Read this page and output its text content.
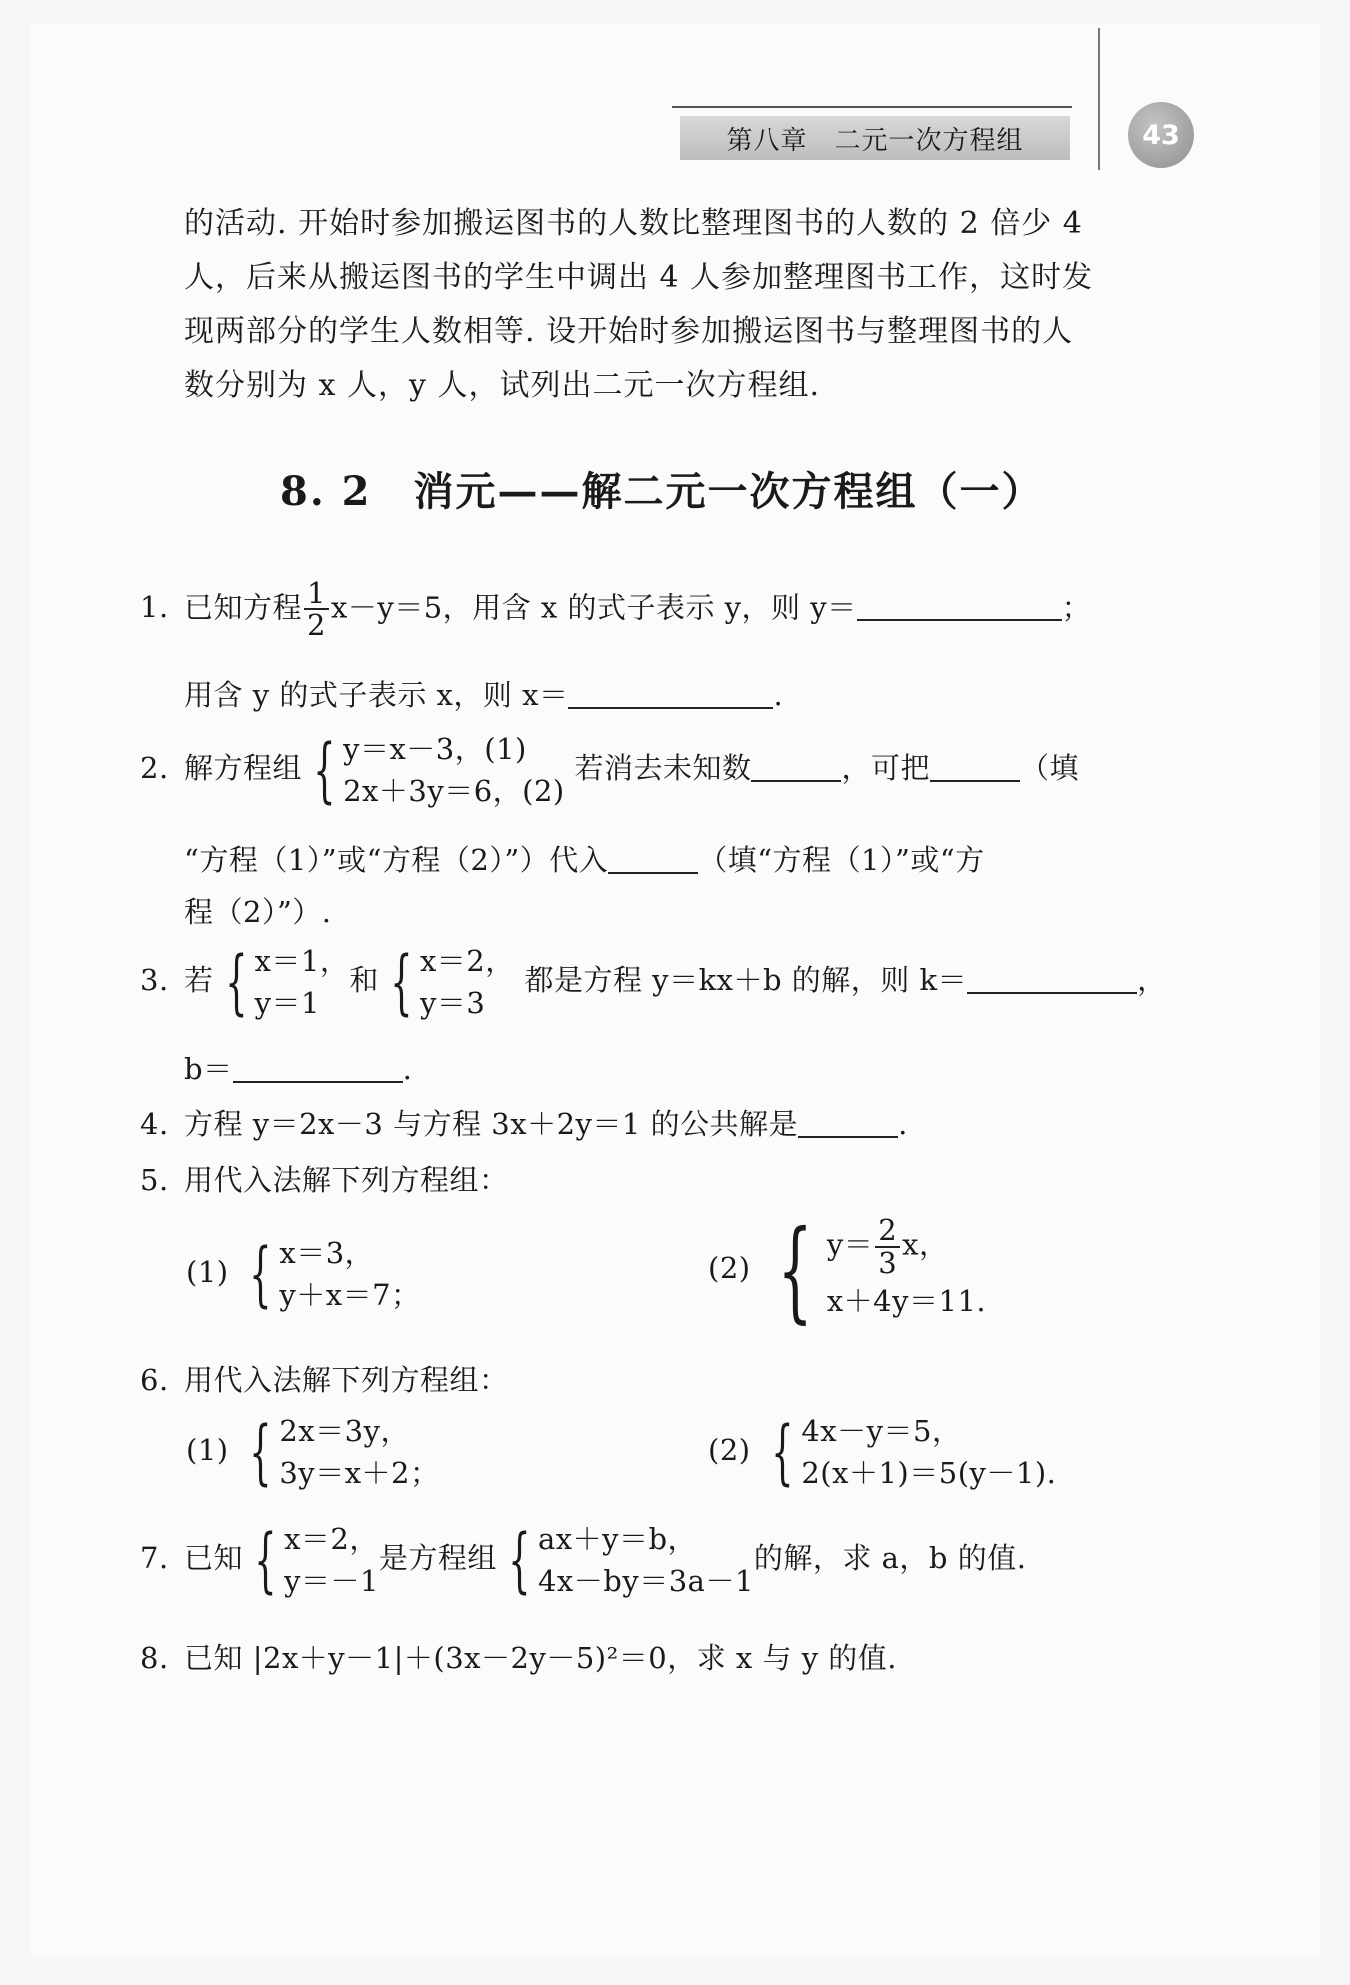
第八章　二元一次方程组	43
的活动. 开始时参加搬运图书的人数比整理图书的人数的 2 倍少 4
人，后来从搬运图书的学生中调出 4 人参加整理图书工作，这时发
现两部分的学生人数相等. 设开始时参加搬运图书与整理图书的人
数分别为 x 人，y 人，试列出二元一次方程组.
8. 2　消元——解二元一次方程组（一）
1. 已知方程 $\frac{1}{2} x-y=5$，用含 x 的式子表示 y，则 y＝	；
用含 y 的式子表示 x，则 x＝	.
2. 解方程组 { y＝x－3，(1)
2x＋3y＝6，(2)
若消去未知数	，可把	（填
“方程（1）”或“方程（2）”）代入	（填“方程（1）”或“方
程（2）”）.
3. 若 { x＝1，
y＝1
和 { x＝2，
y＝3
都是方程 y＝kx＋b 的解，则 k＝	，
b＝	.
4. 方程 y＝2x－3 与方程 3x＋2y＝1 的公共解是	.
5. 用代入法解下列方程组：
(1) { x＝3，
y＋x＝7；
(2) { $y= \frac{2}{3}$ x，
x＋4y＝11.
6. 用代入法解下列方程组：
(1) { 2x＝3y，
3y＝x＋2；
(2) { 4x－y＝5，
2(x＋1)＝5(y－1).
7. 已知 { x＝2，
y＝－1
是方程组 { ax＋y＝b，
4x－by＝3a－1
的解，求 a，b 的值.
8. 已知 |2x＋y－1|＋(3x－2y－5)²＝0，求 x 与 y 的值.
